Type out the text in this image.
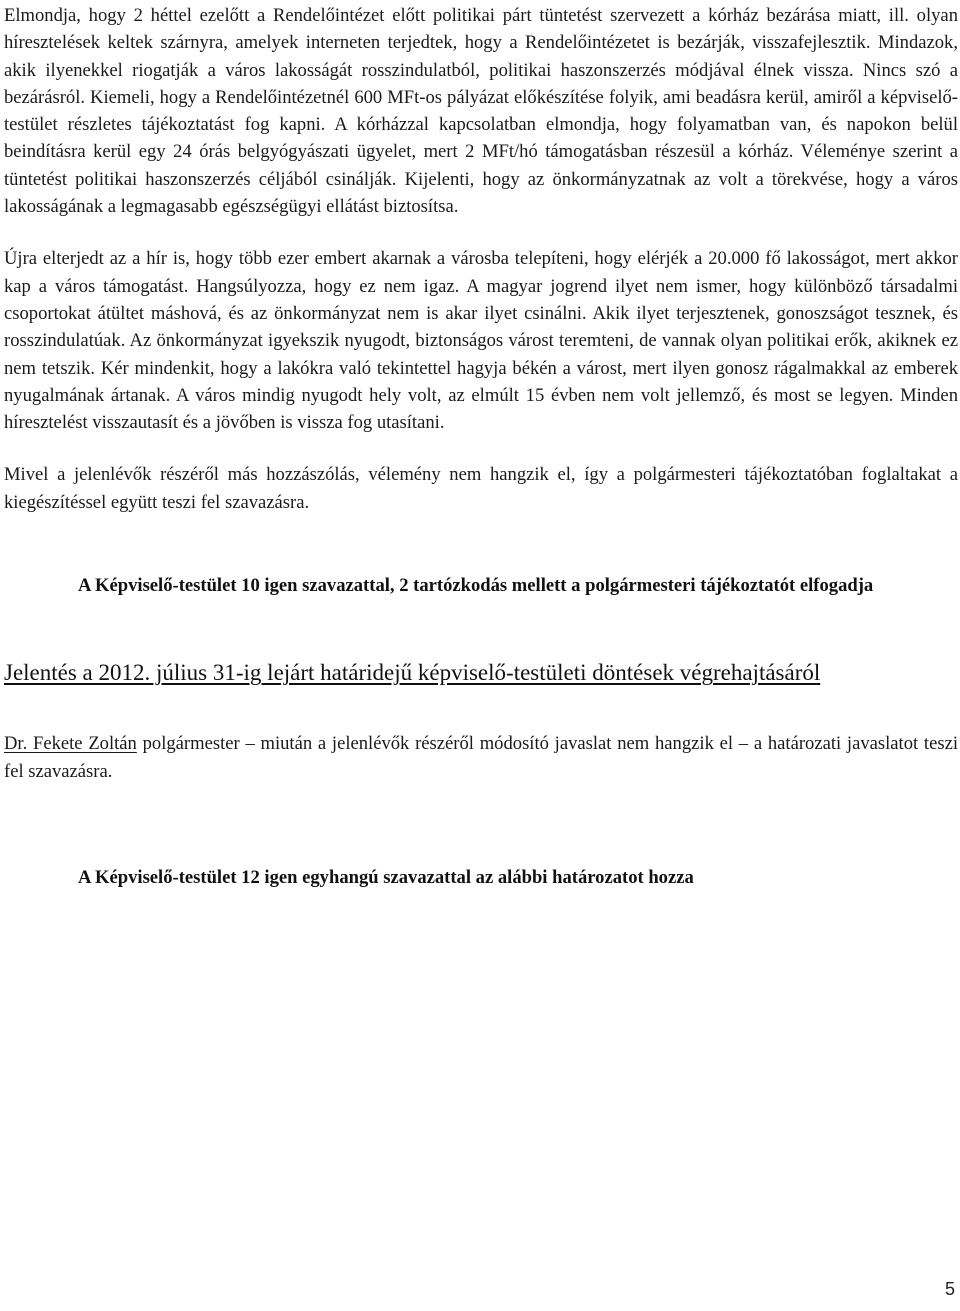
Elmondja, hogy 2 héttel ezelőtt a Rendelőintézet előtt politikai párt tüntetést szervezett a kórház bezárása miatt, ill. olyan híresztelések keltek szárnyra, amelyek interneten terjedtek, hogy a Rendelőintézetet is bezárják, visszafejlesztik. Mindazok, akik ilyenekkel riogatják a város lakosságát rosszindulatból, politikai haszonszerzés módjával élnek vissza. Nincs szó a bezárásról. Kiemeli, hogy a Rendelőintézetnél 600 MFt-os pályázat előkészítése folyik, ami beadásra kerül, amiről a képviselő-testület részletes tájékoztatást fog kapni. A kórházzal kapcsolatban elmondja, hogy folyamatban van, és napokon belül beindításra kerül egy 24 órás belgyógyászati ügyelet, mert 2 MFt/hó támogatásban részesül a kórház. Véleménye szerint a tüntetést politikai haszonszerzés céljából csinálják. Kijelenti, hogy az önkormányzatnak az volt a törekvése, hogy a város lakosságának a legmagasabb egészségügyi ellátást biztosítsa.

Újra elterjedt az a hír is, hogy több ezer embert akarnak a városba telepíteni, hogy elérjék a 20.000 fő lakosságot, mert akkor kap a város támogatást. Hangsúlyozza, hogy ez nem igaz. A magyar jogrend ilyet nem ismer, hogy különböző társadalmi csoportokat átültet máshová, és az önkormányzat nem is akar ilyet csinálni. Akik ilyet terjesztenek, gonoszságot tesznek, és rosszindulatúak. Az önkormányzat igyekszik nyugodt, biztonságos várost teremteni, de vannak olyan politikai erők, akiknek ez nem tetszik. Kér mindenkit, hogy a lakókra való tekintettel hagyja békén a várost, mert ilyen gonosz rágalmakkal az emberek nyugalmának ártanak. A város mindig nyugodt hely volt, az elmúlt 15 évben nem volt jellemző, és most se legyen. Minden híresztelést visszautasít és a jövőben is vissza fog utasítani.

Mivel a jelenlévők részéről más hozzászólás, vélemény nem hangzik el, így a polgármesteri tájékoztatóban foglaltakat a kiegészítéssel együtt teszi fel szavazásra.

A Képviselő-testület 10 igen szavazattal, 2 tartózkodás mellett a polgármesteri tájékoztatót elfogadja

Jelentés a 2012. július 31-ig lejárt határidejű képviselő-testületi döntések végrehajtásáról

Dr. Fekete Zoltán polgármester – miután a jelenlévők részéről módosító javaslat nem hangzik el – a határozati javaslatot teszi fel szavazásra.

A Képviselő-testület 12 igen egyhangú szavazattal az alábbi határozatot hozza

5
